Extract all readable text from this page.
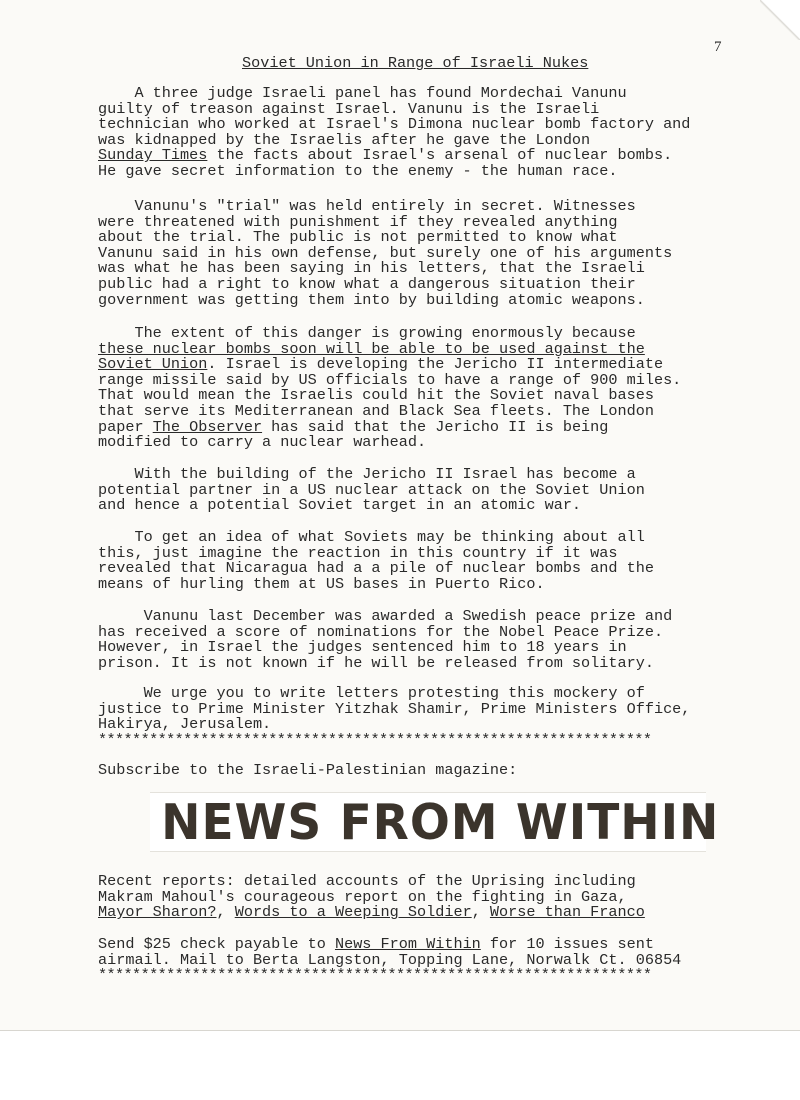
7
Soviet Union in Range of Israeli Nukes
A three judge Israeli panel has found Mordechai Vanunu
guilty of treason against Israel. Vanunu is the Israeli
technician who worked at Israel's Dimona nuclear bomb factory and
was kidnapped by the Israelis after he gave the London
Sunday Times the facts about Israel's arsenal of nuclear bombs.
He gave secret information to the enemy - the human race.
Vanunu's "trial" was held entirely in secret. Witnesses
were threatened with punishment if they revealed anything
about the trial. The public is not permitted to know what
Vanunu said in his own defense, but surely one of his arguments
was what he has been saying in his letters, that the Israeli
public had a right to know what a dangerous situation their
government was getting them into by building atomic weapons.
The extent of this danger is growing enormously because
these nuclear bombs soon will be able to be used against the
Soviet Union. Israel is developing the Jericho II intermediate
range missile said by US officials to have a range of 900 miles.
That would mean the Israelis could hit the Soviet naval bases
that serve its Mediterranean and Black Sea fleets. The London
paper The Observer has said that the Jericho II is being
modified to carry a nuclear warhead.
With the building of the Jericho II Israel has become a
potential partner in a US nuclear attack on the Soviet Union
and hence a potential Soviet target in an atomic war.
To get an idea of what Soviets may be thinking about all
this, just imagine the reaction in this country if it was
revealed that Nicaragua had a a pile of nuclear bombs and the
means of hurling them at US bases in Puerto Rico.
Vanunu last December was awarded a Swedish peace prize and
has received a score of nominations for the Nobel Peace Prize.
However, in Israel the judges sentenced him to 18 years in
prison. It is not known if he will be released from solitary.
We urge you to write letters protesting this mockery of
justice to Prime Minister Yitzhak Shamir, Prime Ministers Office,
Hakirya, Jerusalem.
*****************************************************************
Subscribe to the Israeli-Palestinian magazine:
NEWS FROM WITHIN
Recent reports: detailed accounts of the Uprising including
Makram Mahoul's courageous report on the fighting in Gaza,
Mayor Sharon?, Words to a Weeping Soldier, Worse than Franco
Send $25 check payable to News From Within for 10 issues sent
airmail. Mail to Berta Langston, Topping Lane, Norwalk Ct. 06854
*****************************************************************
